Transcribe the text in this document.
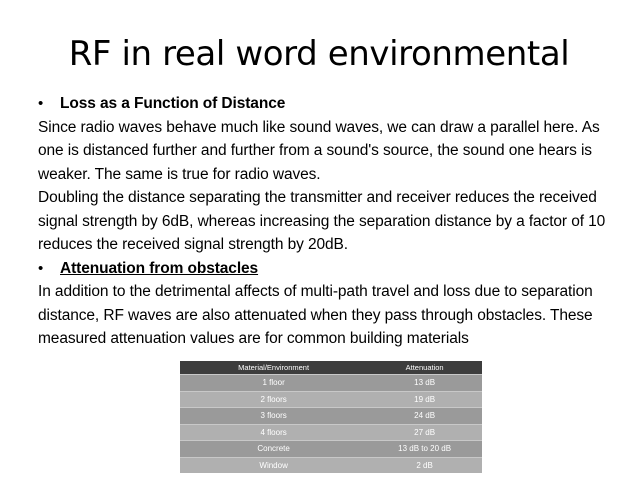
RF in real word environmental
•	Loss as a Function of Distance

Since radio waves behave much like sound waves, we can draw a parallel here. As one is distanced further and further from a sound's source, the sound one hears is weaker. The same is true for radio waves.

Doubling the distance separating the transmitter and receiver reduces the received signal strength by 6dB, whereas increasing the separation distance by a factor of 10 reduces the received signal strength by 20dB.

•	Attenuation from obstacles

In addition to the detrimental affects of multi-path travel and loss due to separation distance, RF waves are also attenuated when they pass through obstacles. These measured attenuation values are for common building materials

Material/Environment	Attenuation
1 floor	13 dB
2 floors	19 dB
3 floors	24 dB
4 floors	27 dB
Concrete	13 dB to 20 dB
Window	2 dB
